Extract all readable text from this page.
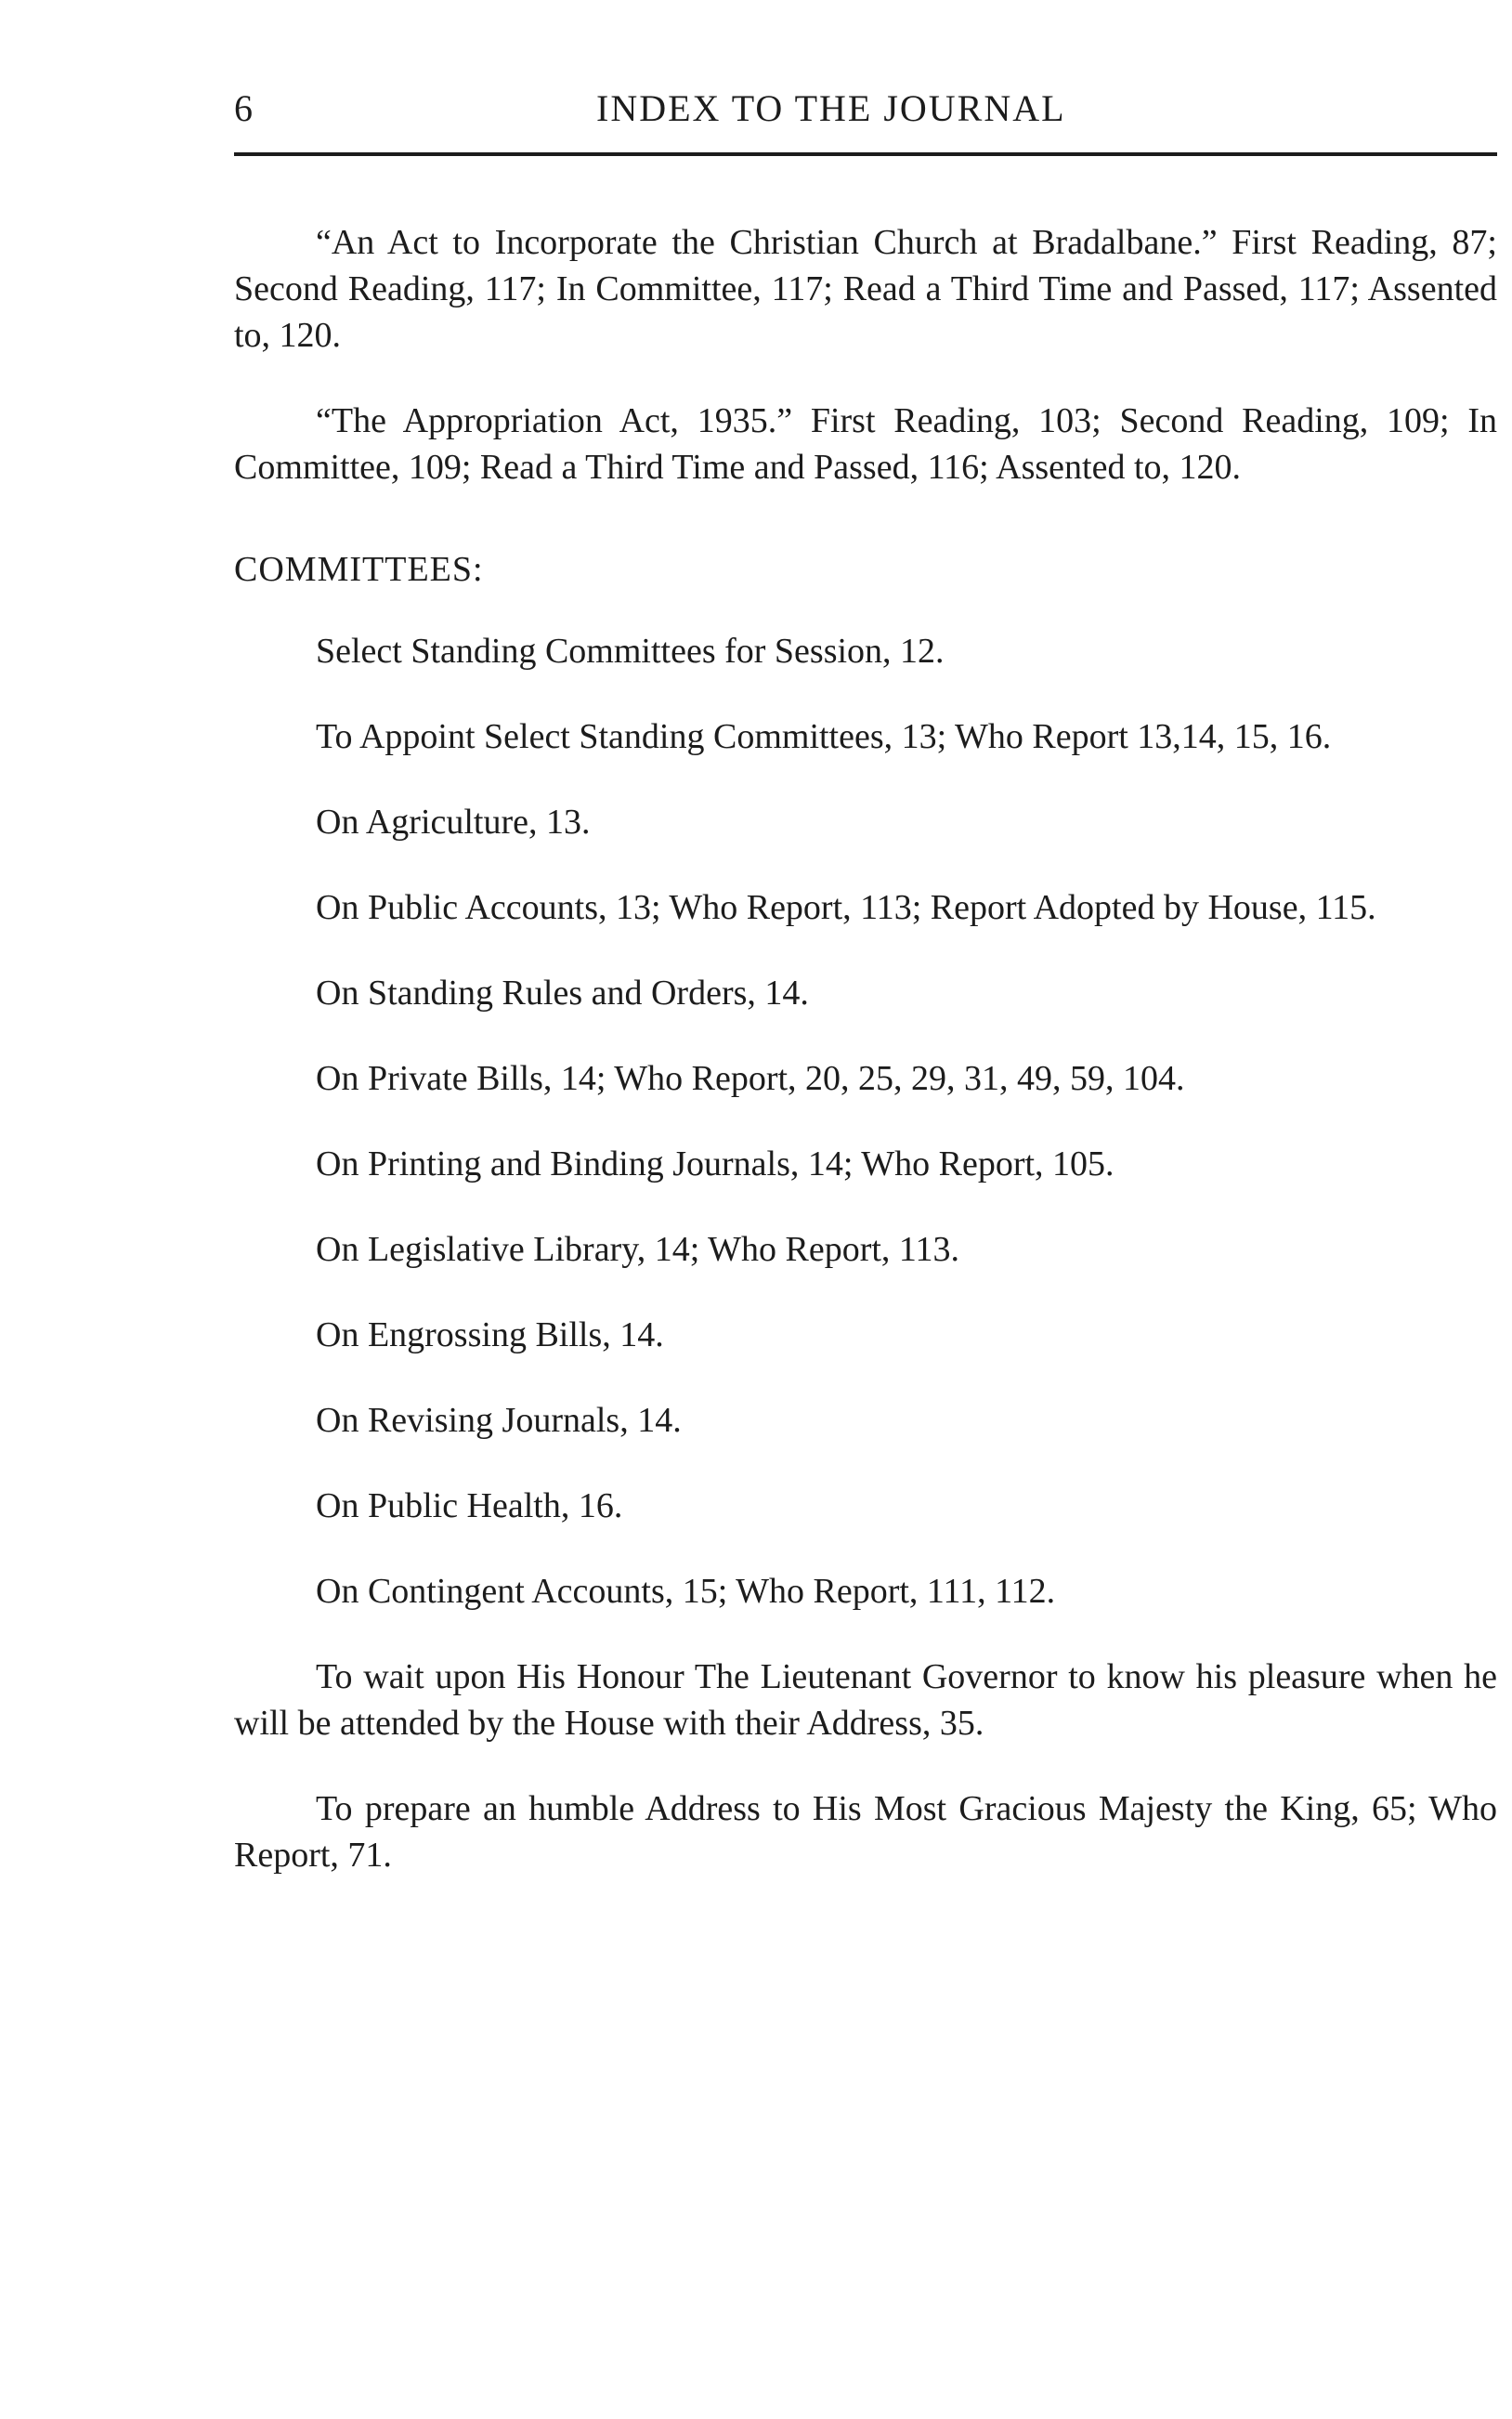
6	INDEX TO THE JOURNAL

“An Act to Incorporate the Christian Church at Bradalbane.” First Reading, 87; Second Reading, 117; In Committee, 117; Read a Third Time and Passed, 117; Assented to, 120.

“The Appropriation Act, 1935.” First Reading, 103; Second Reading, 109; In Committee, 109; Read a Third Time and Passed, 116; Assented to, 120.

COMMITTEES:

Select Standing Committees for Session, 12.

To Appoint Select Standing Committees, 13; Who Report 13,14, 15, 16.

On Agriculture, 13.

On Public Accounts, 13; Who Report, 113; Report Adopted by House, 115.

On Standing Rules and Orders, 14.

On Private Bills, 14; Who Report, 20, 25, 29, 31, 49, 59, 104.

On Printing and Binding Journals, 14; Who Report, 105.

On Legislative Library, 14; Who Report, 113.

On Engrossing Bills, 14.

On Revising Journals, 14.

On Public Health, 16.

On Contingent Accounts, 15; Who Report, 111, 112.

To wait upon His Honour The Lieutenant Governor to know his pleasure when he will be attended by the House with their Address, 35.

To prepare an humble Address to His Most Gracious Majesty the King, 65; Who Report, 71.
